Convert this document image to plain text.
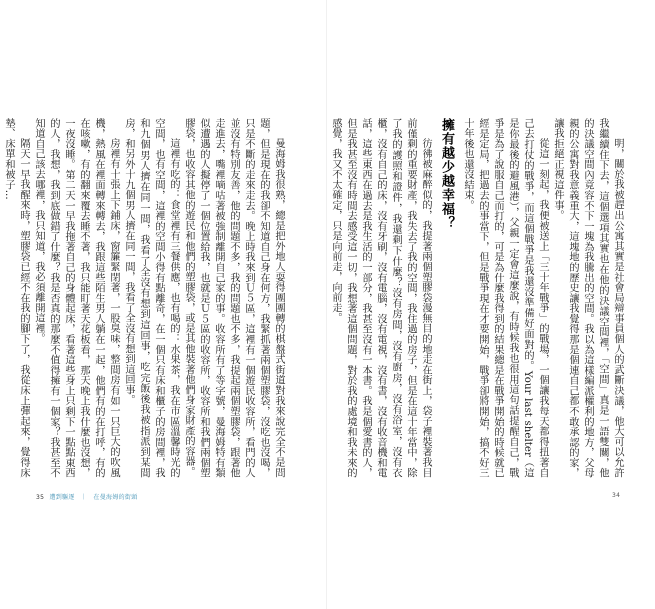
曼海姆我很熟，總是把外地人耍得團團轉的棋盤式街道對我來說完全不是問題，但是現在的我卻不知道自己身在何方，我緊抓著兩個塑膠袋，沒吃也沒喝，只是不斷的走來走去。晚上時我來到Ｕ５區，這裡有一個遊民收容所，看門的人並沒有特別友善，他的問題不多，我的問題也不多，我提起兩個塑膠袋，跟著他走進去，嘴裡嘀咕著被強制離開自己家的事。收容所有了等字號，曼海姆特有類似遭遇的人擬停了一個位置給我，也就是Ｕ５區的收容所，收容所和我們兩個塑膠袋，也收容其他的遊民和他們的塑膠袋，或是其他裝著他們身家財產的容器。

這裡有吃的：食堂裡有三餐供應，也有喝的：水果茶，我在市區溫馨時光的空間，也有空間，這裡的空間小得有點離奇，在一個只有床和櫃子的房間裡，我和九個男人擠在同一間，我看了全沒有想到這回事，吃完飯後我被指派到某間房，和另外十九個男人擠在同一間，我看了全沒有想到這回事。

房裡有十張上下鋪床，窗簾緊閉著，一股臭味，整間房有如一只巨大的吹風機，熱風在裡面轉來轉去，我跟這些陌生男人躺在一起，他們有的在打呼，有的在咳嗽，有的翻來覆去睡不著，我只能盯著天花板看，那天晚上我什麼也沒想，一夜沒睡。第二天一早我拖著自己的身體起床，看著這些身上只剩下一點點東西的人，我想，我到底做錯了什麼？我是否真的那麼不值得擁有一個家？我甚至不知道自己該去哪裡，我只知道，我必須離開這裡。

隔天一早我醒來時，塑膠袋已經不在我的腳下了，我從床上彈起來，覺得床墊、床單和被子...

35 遭到驅逐 ｜ 在曼海姆的街頭

明，關於我被趕出公寓其實是社會局辯事員個人的武斷決議，他大可以允許我繼續住下去，這個選項其實也在他的決議空間裡，「空間」真是一語雙關，他的決議空間內竟容不下一塊為我騰出的空間。我以為這樣編派權利的地方，父母親的公寓對我意義重大，這塊地的歷史讓我覺得那是個連自己都不敢承認的家，讓我拒絕正視這件事。

從這一刻起，我便被送上「三十年戰爭」的戰場，一個讓我每天都得扭著自己去打仗的戰爭，而這個戰爭是我還沒準備好面對的。Your last shelter（這是你最後的避風港），父親一定會這麼說，有時候我也很用這句話提醒自己，戰爭是為了說服自己而打的，可是為什麼我得到的結果總是在戰爭開始的時候就已經是定局，把過去的事當下，但是戰爭現在才要開始，戰爭卻將開始，搞不好三十年後也還沒結束。

擁有越少越幸福？

彷彿被麻醉似的，我提著兩個塑膠袋漫無目的地走在街上，袋子裡裝著我目前僅剩的重要財產，我失去了我的空間，我住過的房子，但是在這十年當中，除了我的護照和證件，我還剩下什麼？沒有房間，沒有廚房，沒有浴室，沒有衣櫃，沒有自己的床，沒有牙刷，沒有電腦，沒有電視，沒有書，沒有收音機和電話，這些東西在過去是我生活的一部分，我甚至沒有一本書。我是個愛書的人，但是我甚至沒有時間去感受這一切，我想著這個問題，對於我的處境和我未來的感覺，我又不太確定，只是向前走，向前走。

34
